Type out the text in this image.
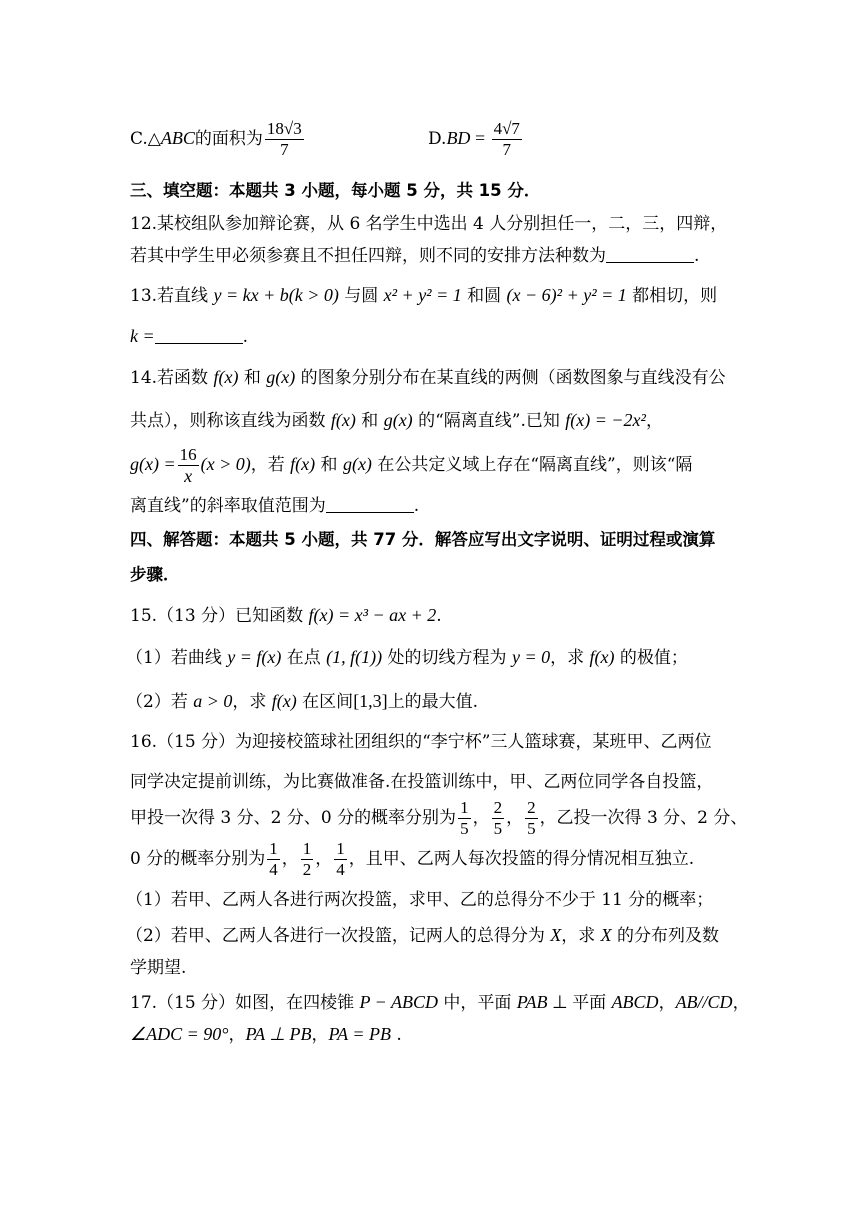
C.△ABC的面积为 $\frac{18√3}{7}$	$D.BD = \frac{4√7}{7}$
三、填空题：本题共 3 小题，每小题 5 分，共 15 分．
12.某校组队参加辩论赛，从 6 名学生中选出 4 人分别担任一，二，三，四辩，
若其中学生甲必须参赛且不担任四辩，则不同的安排方法种数为	.
13.若直线 y = kx + b(k > 0) 与圆 x² + y² = 1 和圆 (x − 6)² + y² = 1 都相切，则
k =	.
14.若函数 f(x) 和 g(x) 的图象分别分布在某直线的两侧（函数图象与直线没有公
共点），则称该直线为函数 f(x) 和 g(x) 的“隔离直线”.已知 f(x) = −2x²，
$g(x) = \frac{16}{x} (x > 0)$，若 f(x) 和 g(x) 在公共定义域上存在“隔离直线”，则该“隔
离直线”的斜率取值范围为	.
四、解答题：本题共 5 小题，共 77 分．解答应写出文字说明、证明过程或演算
步骤．
15.（13 分）已知函数 f(x) = x³ − ax + 2.
（1）若曲线 y = f(x) 在点 (1, f(1)) 处的切线方程为 y = 0，求 f(x) 的极值；
（2）若 a > 0，求 f(x) 在区间[1,3]上的最大值.
16.（15 分）为迎接校篮球社团组织的“李宁杯”三人篮球赛，某班甲、乙两位
同学决定提前训练，为比赛做准备.在投篮训练中，甲、乙两位同学各自投篮，
甲投一次得 3 分、2 分、0 分的概率分别为 $\frac{1}{5}$ ， $\frac{2}{5}$ ， $\frac{2}{5}$ ，乙投一次得 3 分、2 分、
0 分的概率分别为 $\frac{1}{4}$ ， $\frac{1}{2}$ ， $\frac{1}{4}$ ，且甲、乙两人每次投篮的得分情况相互独立.
（1）若甲、乙两人各进行两次投篮，求甲、乙的总得分不少于 11 分的概率；
（2）若甲、乙两人各进行一次投篮，记两人的总得分为 X，求 X 的分布列及数
学期望.
17.（15 分）如图，在四棱锥 P − ABCD 中，平面 PAB ⊥ 平面 ABCD，AB//CD，
∠ADC = 90°，PA ⊥ PB，PA = PB .
